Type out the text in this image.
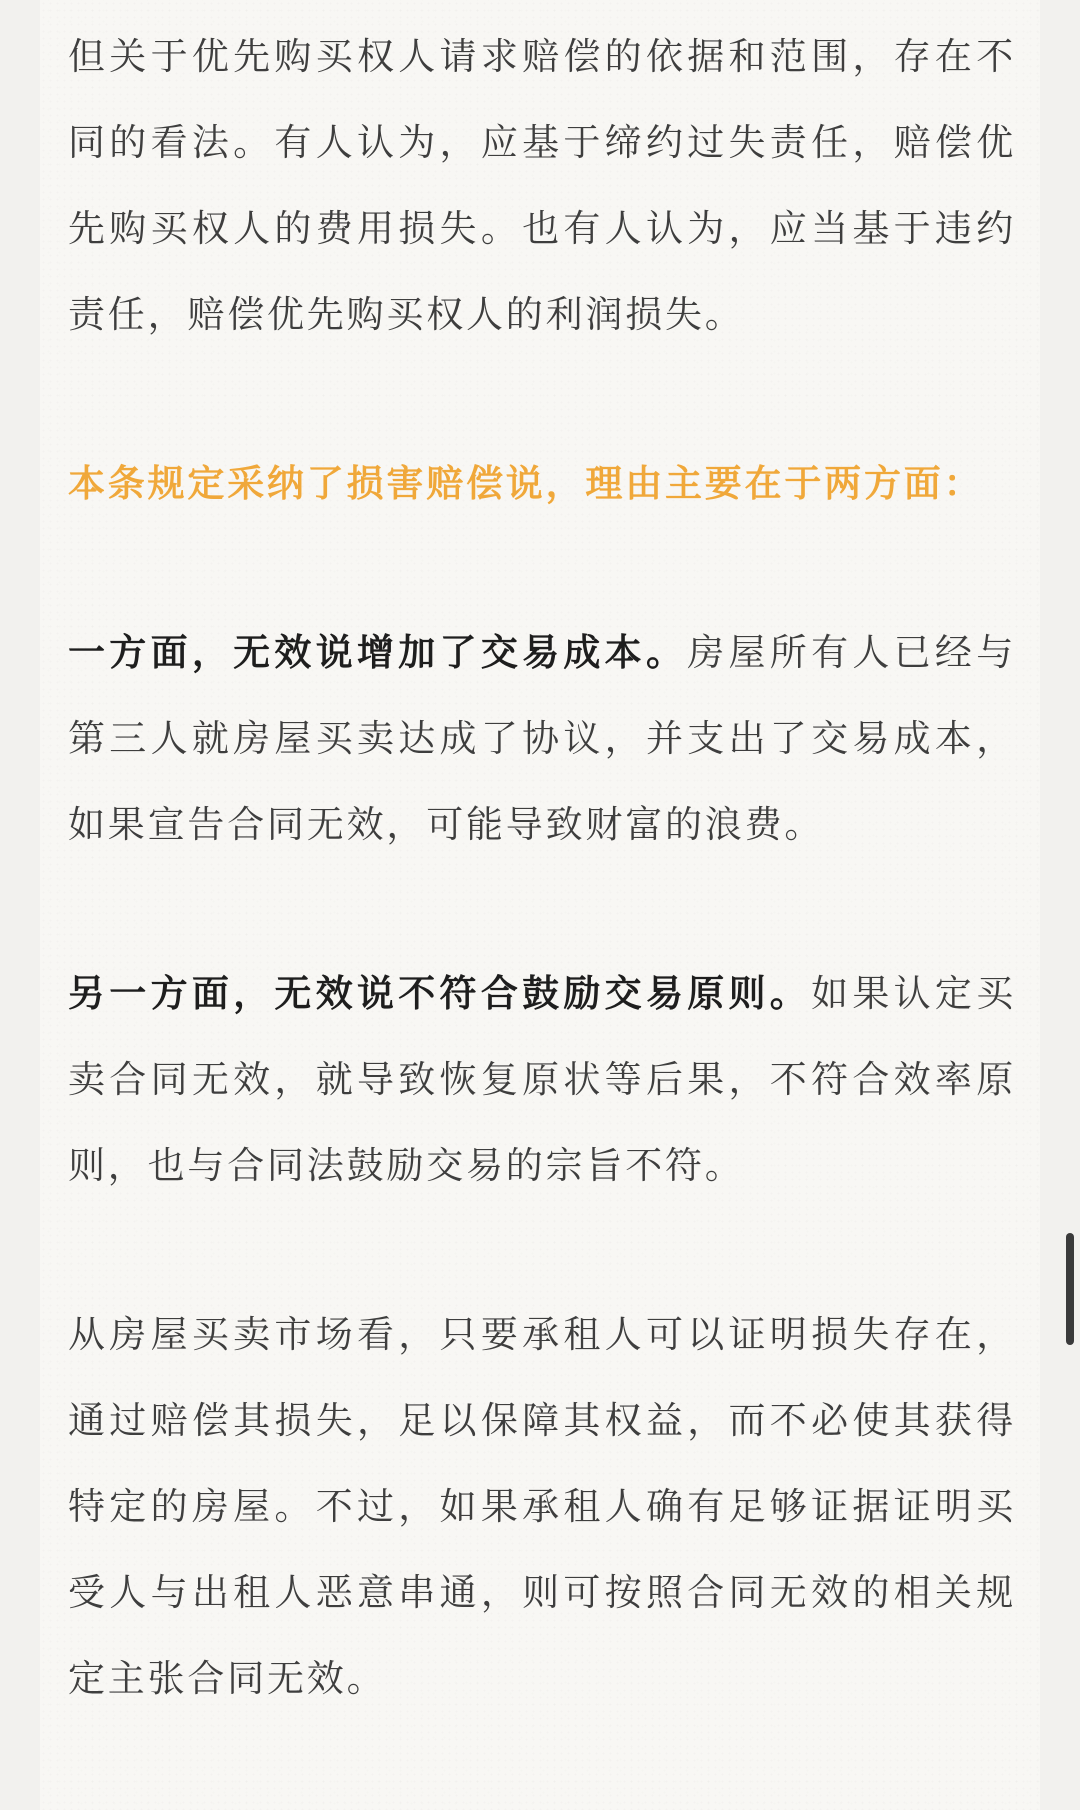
但关于优先购买权人请求赔偿的依据和范围，存在不同的看法。有人认为，应基于缔约过失责任，赔偿优先购买权人的费用损失。也有人认为，应当基于违约责任，赔偿优先购买权人的利润损失。

本条规定采纳了损害赔偿说，理由主要在于两方面：

一方面，无效说增加了交易成本。房屋所有人已经与第三人就房屋买卖达成了协议，并支出了交易成本，如果宣告合同无效，可能导致财富的浪费。

另一方面，无效说不符合鼓励交易原则。如果认定买卖合同无效，就导致恢复原状等后果，不符合效率原则，也与合同法鼓励交易的宗旨不符。

从房屋买卖市场看，只要承租人可以证明损失存在，通过赔偿其损失，足以保障其权益，而不必使其获得特定的房屋。不过，如果承租人确有足够证据证明买受人与出租人恶意串通，则可按照合同无效的相关规定主张合同无效。
